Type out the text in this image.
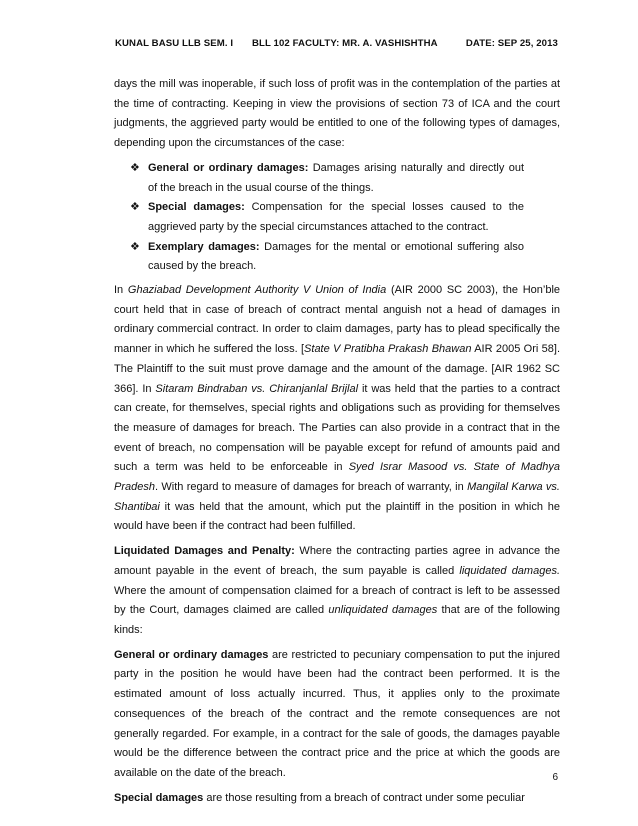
KUNAL BASU LLB SEM. I BLL 102 FACULTY: MR. A. VASHISHTHA	DATE: SEP 25, 2013

days the mill was inoperable, if such loss of profit was in the contemplation of the parties at the time of contracting. Keeping in view the provisions of section 73 of ICA and the court judgments, the aggrieved party would be entitled to one of the following types of damages, depending upon the circumstances of the case:

❖ General or ordinary damages: Damages arising naturally and directly out of the breach in the usual course of the things.
❖ Special damages: Compensation for the special losses caused to the aggrieved party by the special circumstances attached to the contract.
❖ Exemplary damages: Damages for the mental or emotional suffering also caused by the breach.

In Ghaziabad Development Authority V Union of India (AIR 2000 SC 2003), the Hon’ble court held that in case of breach of contract mental anguish not a head of damages in ordinary commercial contract. In order to claim damages, party has to plead specifically the manner in which he suffered the loss. [State V Pratibha Prakash Bhawan AIR 2005 Ori 58]. The Plaintiff to the suit must prove damage and the amount of the damage. [AIR 1962 SC 366]. In Sitaram Bindraban vs. Chiranjanlal Brijlal it was held that the parties to a contract can create, for themselves, special rights and obligations such as providing for themselves the measure of damages for breach. The Parties can also provide in a contract that in the event of breach, no compensation will be payable except for refund of amounts paid and such a term was held to be enforceable in Syed Israr Masood vs. State of Madhya Pradesh. With regard to measure of damages for breach of warranty, in Mangilal Karwa vs. Shantibai it was held that the amount, which put the plaintiff in the position in which he would have been if the contract had been fulfilled.

Liquidated Damages and Penalty: Where the contracting parties agree in advance the amount payable in the event of breach, the sum payable is called liquidated damages. Where the amount of compensation claimed for a breach of contract is left to be assessed by the Court, damages claimed are called unliquidated damages that are of the following kinds:

General or ordinary damages are restricted to pecuniary compensation to put the injured party in the position he would have been had the contract been performed. It is the estimated amount of loss actually incurred. Thus, it applies only to the proximate consequences of the breach of the contract and the remote consequences are not generally regarded. For example, in a contract for the sale of goods, the damages payable would be the difference between the contract price and the price at which the goods are available on the date of the breach.

Special damages are those resulting from a breach of contract under some peculiar

6
